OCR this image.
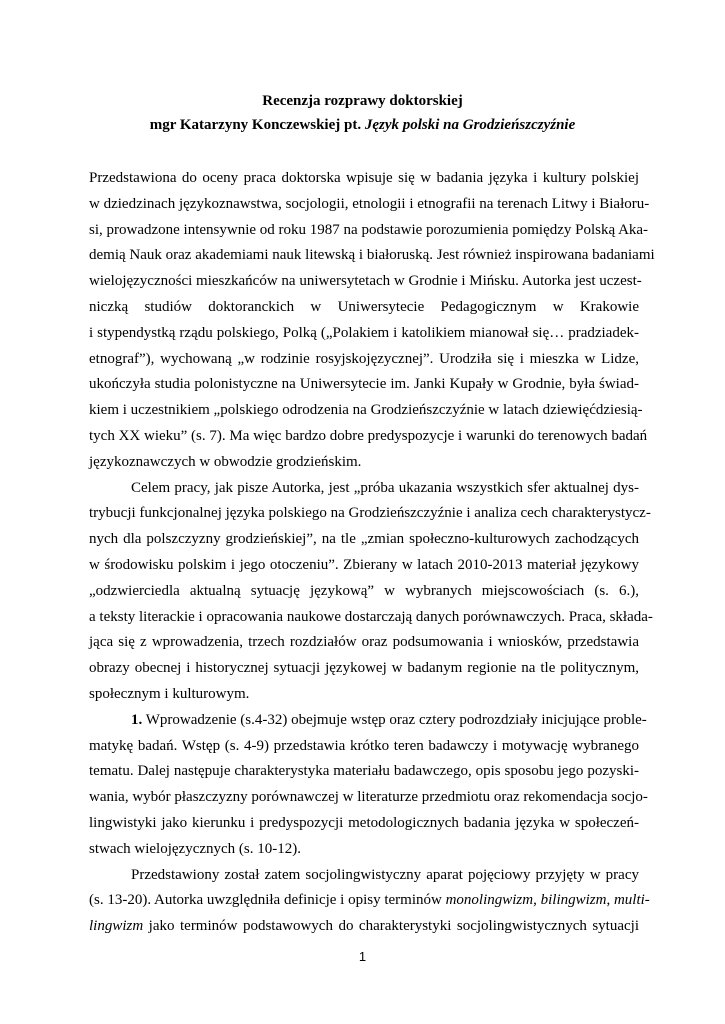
Recenzja rozprawy doktorskiej
mgr Katarzyny Konczewskiej pt. Język polski na Grodzieńszczyźnie
Przedstawiona do oceny praca doktorska wpisuje się w badania języka i kultury polskiej
w dziedzinach językoznawstwa, socjologii, etnologii i etnografii na terenach Litwy i Białoru-
si, prowadzone intensywnie od roku 1987 na podstawie porozumienia pomiędzy Polską Aka-
demią Nauk oraz akademiami nauk litewską i białoruską. Jest również inspirowana badaniami
wielojęzyczności mieszkańców na uniwersytetach w Grodnie i Mińsku. Autorka jest uczest-
niczką studiów doktoranckich w Uniwersytecie Pedagogicznym w Krakowie
i stypendystką rządu polskiego, Polką („Polakiem i katolikiem mianował się… pradziadek-
etnograf”), wychowaną „w rodzinie rosyjskojęzycznej”. Urodziła się i mieszka w Lidze,
ukończyła studia polonistyczne na Uniwersytecie im. Janki Kupały w Grodnie, była świad-
kiem i uczestnikiem „polskiego odrodzenia na Grodzieńszczyźnie w latach dziewięćdziesią-
tych XX wieku” (s. 7). Ma więc bardzo dobre predyspozycje i warunki do terenowych badań
językoznawczych w obwodzie grodzieńskim.
Celem pracy, jak pisze Autorka, jest „próba ukazania wszystkich sfer aktualnej dys-
trybucji funkcjonalnej języka polskiego na Grodzieńszczyźnie i analiza cech charakterystycz-
nych dla polszczyzny grodzieńskiej”, na tle „zmian społeczno-kulturowych zachodzących
w środowisku polskim i jego otoczeniu”. Zbierany w latach 2010-2013 materiał językowy
„odzwierciedla aktualną sytuację językową” w wybranych miejscowościach (s. 6.),
a teksty literackie i opracowania naukowe dostarczają danych porównawczych. Praca, składa-
jąca się z wprowadzenia, trzech rozdziałów oraz podsumowania i wniosków, przedstawia
obrazy obecnej i historycznej sytuacji językowej w badanym regionie na tle politycznym,
społecznym i kulturowym.
1. Wprowadzenie (s.4-32) obejmuje wstęp oraz cztery podrozdziały inicjujące proble-
matykę badań. Wstęp (s. 4-9) przedstawia krótko teren badawczy i motywację wybranego
tematu. Dalej następuje charakterystyka materiału badawczego, opis sposobu jego pozyski-
wania, wybór płaszczyzny porównawczej w literaturze przedmiotu oraz rekomendacja socjo-
lingwistyki jako kierunku i predyspozycji metodologicznych badania języka w społeczeń-
stwach wielojęzycznych (s. 10-12).
Przedstawiony został zatem socjolingwistyczny aparat pojęciowy przyjęty w pracy
(s. 13-20). Autorka uwzględniła definicje i opisy terminów monolingwizm, bilingwizm, multi-
lingwizm jako terminów podstawowych do charakterystyki socjolingwistycznych sytuacji
1
